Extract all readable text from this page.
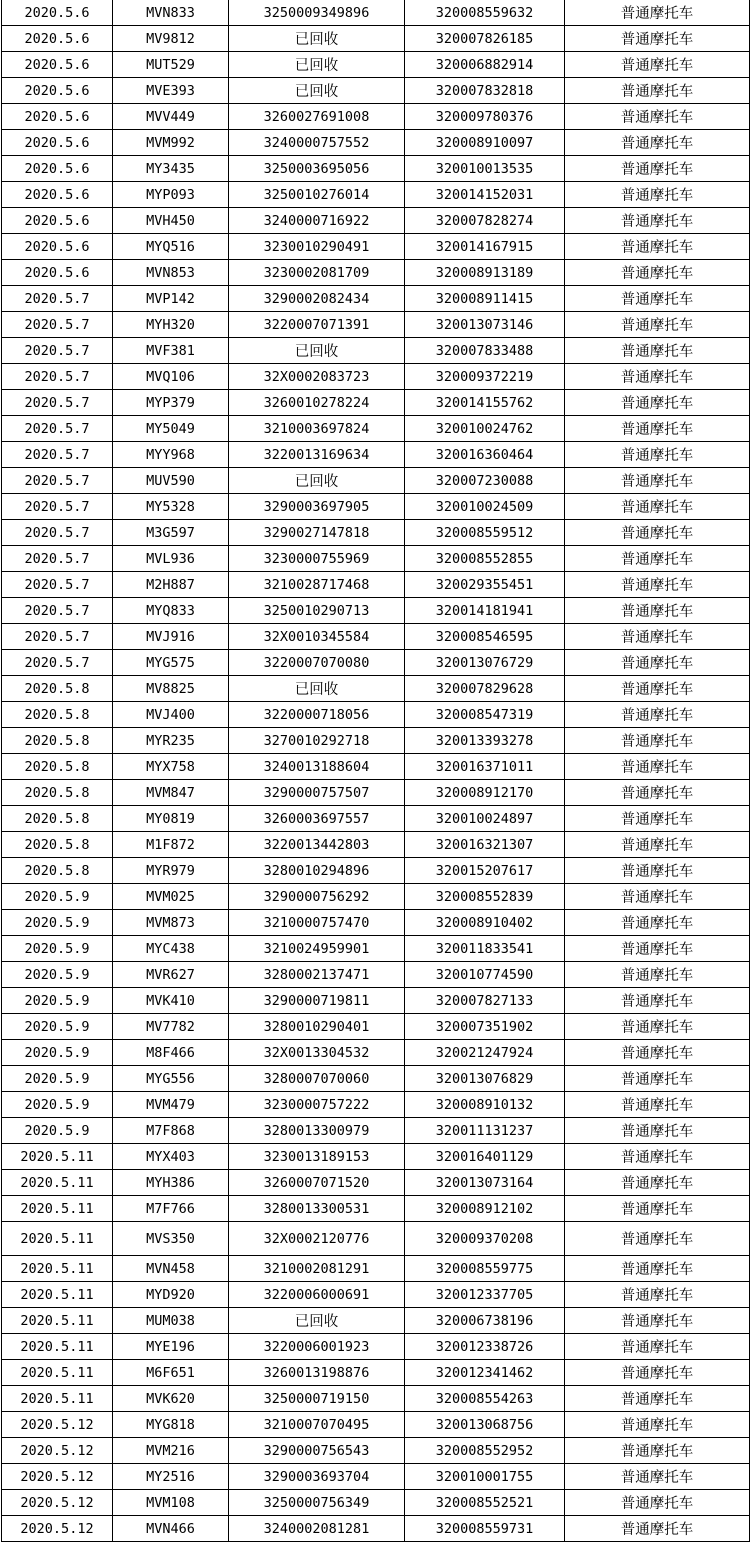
2020.5.6	MVN833	3250009349896	320008559632	普通摩托车
2020.5.6	MV9812	已回收	320007826185	普通摩托车
2020.5.6	MUT529	已回收	320006882914	普通摩托车
2020.5.6	MVE393	已回收	320007832818	普通摩托车
2020.5.6	MVV449	3260027691008	320009780376	普通摩托车
2020.5.6	MVM992	3240000757552	320008910097	普通摩托车
2020.5.6	MY3435	3250003695056	320010013535	普通摩托车
2020.5.6	MYP093	3250010276014	320014152031	普通摩托车
2020.5.6	MVH450	3240000716922	320007828274	普通摩托车
2020.5.6	MYQ516	3230010290491	320014167915	普通摩托车
2020.5.6	MVN853	3230002081709	320008913189	普通摩托车
2020.5.7	MVP142	3290002082434	320008911415	普通摩托车
2020.5.7	MYH320	3220007071391	320013073146	普通摩托车
2020.5.7	MVF381	已回收	320007833488	普通摩托车
2020.5.7	MVQ106	32X0002083723	320009372219	普通摩托车
2020.5.7	MYP379	3260010278224	320014155762	普通摩托车
2020.5.7	MY5049	3210003697824	320010024762	普通摩托车
2020.5.7	MYY968	3220013169634	320016360464	普通摩托车
2020.5.7	MUV590	已回收	320007230088	普通摩托车
2020.5.7	MY5328	3290003697905	320010024509	普通摩托车
2020.5.7	M3G597	3290027147818	320008559512	普通摩托车
2020.5.7	MVL936	3230000755969	320008552855	普通摩托车
2020.5.7	M2H887	3210028717468	320029355451	普通摩托车
2020.5.7	MYQ833	3250010290713	320014181941	普通摩托车
2020.5.7	MVJ916	32X0010345584	320008546595	普通摩托车
2020.5.7	MYG575	3220007070080	320013076729	普通摩托车
2020.5.8	MV8825	已回收	320007829628	普通摩托车
2020.5.8	MVJ400	3220000718056	320008547319	普通摩托车
2020.5.8	MYR235	3270010292718	320013393278	普通摩托车
2020.5.8	MYX758	3240013188604	320016371011	普通摩托车
2020.5.8	MVM847	3290000757507	320008912170	普通摩托车
2020.5.8	MY0819	3260003697557	320010024897	普通摩托车
2020.5.8	M1F872	3220013442803	320016321307	普通摩托车
2020.5.8	MYR979	3280010294896	320015207617	普通摩托车
2020.5.9	MVM025	3290000756292	320008552839	普通摩托车
2020.5.9	MVM873	3210000757470	320008910402	普通摩托车
2020.5.9	MYC438	3210024959901	320011833541	普通摩托车
2020.5.9	MVR627	3280002137471	320010774590	普通摩托车
2020.5.9	MVK410	3290000719811	320007827133	普通摩托车
2020.5.9	MV7782	3280010290401	320007351902	普通摩托车
2020.5.9	M8F466	32X0013304532	320021247924	普通摩托车
2020.5.9	MYG556	3280007070060	320013076829	普通摩托车
2020.5.9	MVM479	3230000757222	320008910132	普通摩托车
2020.5.9	M7F868	3280013300979	320011131237	普通摩托车
2020.5.11	MYX403	3230013189153	320016401129	普通摩托车
2020.5.11	MYH386	3260007071520	320013073164	普通摩托车
2020.5.11	M7F766	3280013300531	320008912102	普通摩托车
2020.5.11	MVS350	32X0002120776	320009370208	普通摩托车
2020.5.11	MVN458	3210002081291	320008559775	普通摩托车
2020.5.11	MYD920	3220006000691	320012337705	普通摩托车
2020.5.11	MUM038	已回收	320006738196	普通摩托车
2020.5.11	MYE196	3220006001923	320012338726	普通摩托车
2020.5.11	M6F651	3260013198876	320012341462	普通摩托车
2020.5.11	MVK620	3250000719150	320008554263	普通摩托车
2020.5.12	MYG818	3210007070495	320013068756	普通摩托车
2020.5.12	MVM216	3290000756543	320008552952	普通摩托车
2020.5.12	MY2516	3290003693704	320010001755	普通摩托车
2020.5.12	MVM108	3250000756349	320008552521	普通摩托车
2020.5.12	MVN466	3240002081281	320008559731	普通摩托车
